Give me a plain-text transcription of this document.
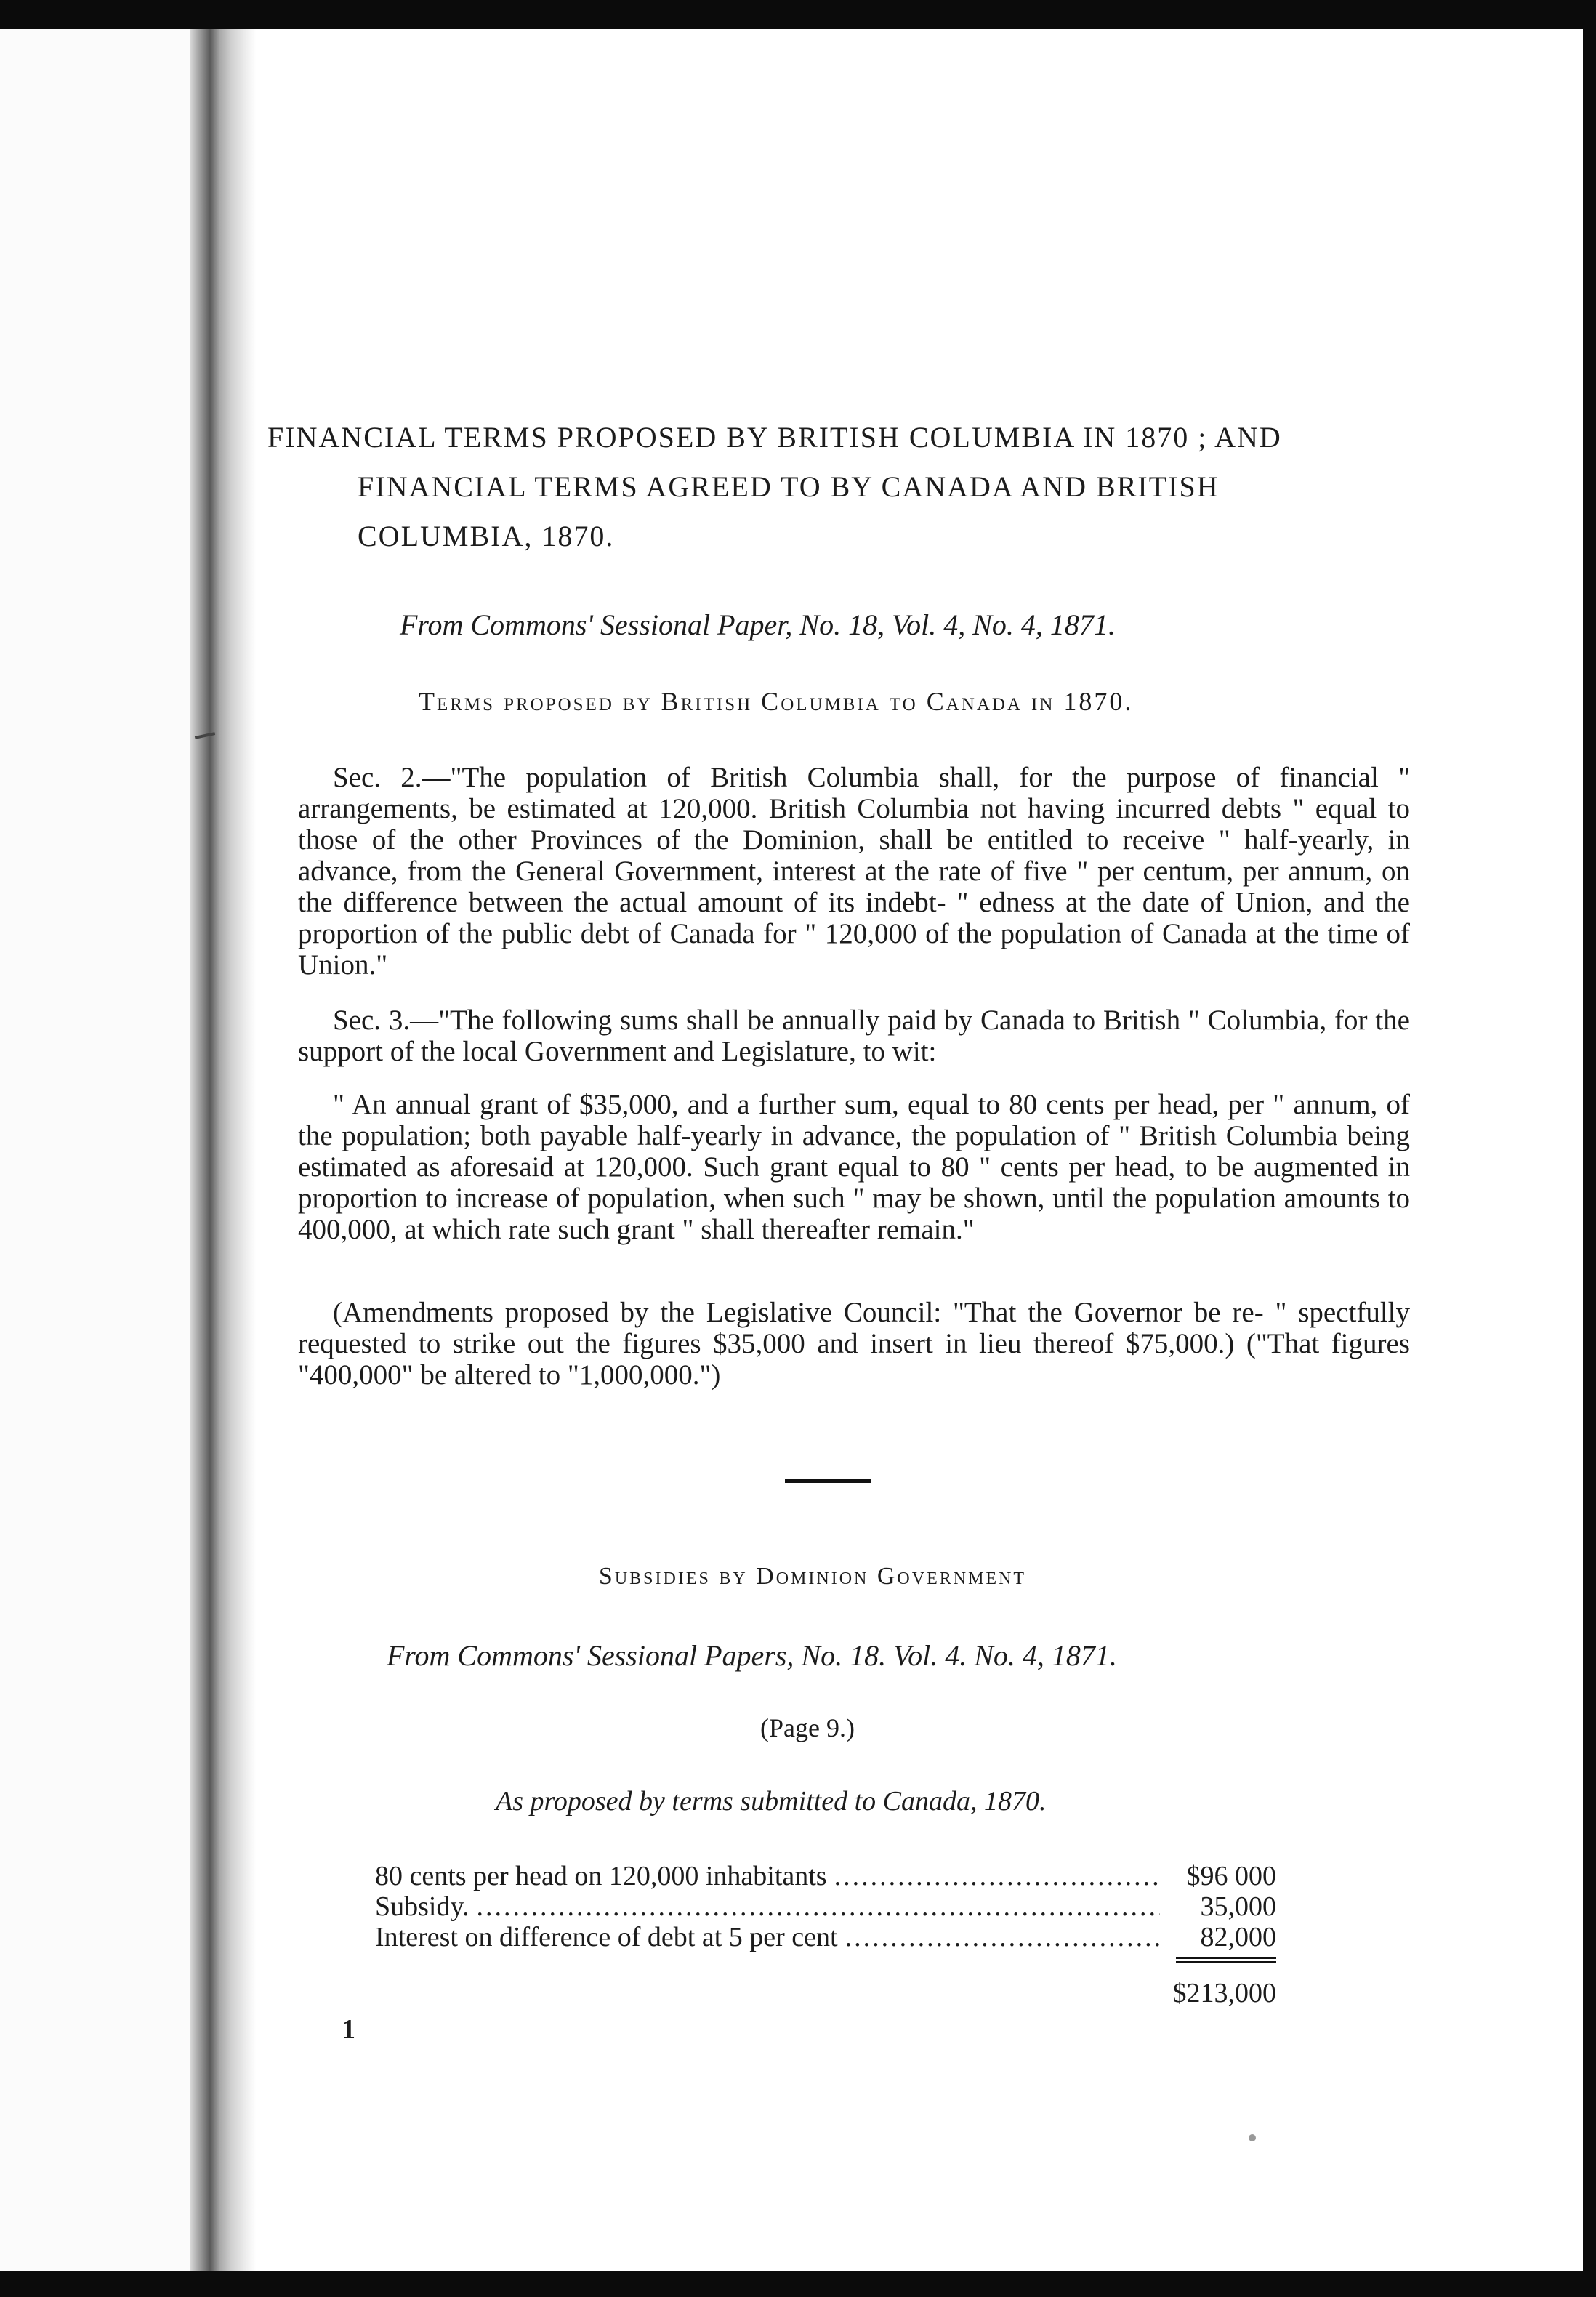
FINANCIAL TERMS PROPOSED BY BRITISH COLUMBIA IN 1870 ; AND
FINANCIAL TERMS AGREED TO BY CANADA AND BRITISH
COLUMBIA, 1870.
From Commons' Sessional Paper, No. 18, Vol. 4, No. 4, 1871.
Terms proposed by British Columbia to Canada in 1870.
Sec. 2.—"The population of British Columbia shall, for the purpose of financial " arrangements, be estimated at 120,000. British Columbia not having incurred debts " equal to those of the other Provinces of the Dominion, shall be entitled to receive " half-yearly, in advance, from the General Government, interest at the rate of five " per centum, per annum, on the difference between the actual amount of its indebt- " edness at the date of Union, and the proportion of the public debt of Canada for " 120,000 of the population of Canada at the time of Union."
Sec. 3.—"The following sums shall be annually paid by Canada to British " Columbia, for the support of the local Government and Legislature, to wit:
" An annual grant of $35,000, and a further sum, equal to 80 cents per head, per " annum, of the population; both payable half-yearly in advance, the population of " British Columbia being estimated as aforesaid at 120,000. Such grant equal to 80 " cents per head, to be augmented in proportion to increase of population, when such " may be shown, until the population amounts to 400,000, at which rate such grant " shall thereafter remain."
(Amendments proposed by the Legislative Council: "That the Governor be re- " spectfully requested to strike out the figures $35,000 and insert in lieu thereof $75,000.) ("That figures "400,000" be altered to "1,000,000.")
Subsidies by Dominion Government
From Commons' Sessional Papers, No. 18. Vol. 4. No. 4, 1871.
(Page 9.)
As proposed by terms submitted to Canada, 1870.
80 cents per head on 120,000 inhabitants .....	$96 000
Subsidy. .....	35,000
Interest on difference of debt at 5 per cent .....	82,000
$213,000
1
